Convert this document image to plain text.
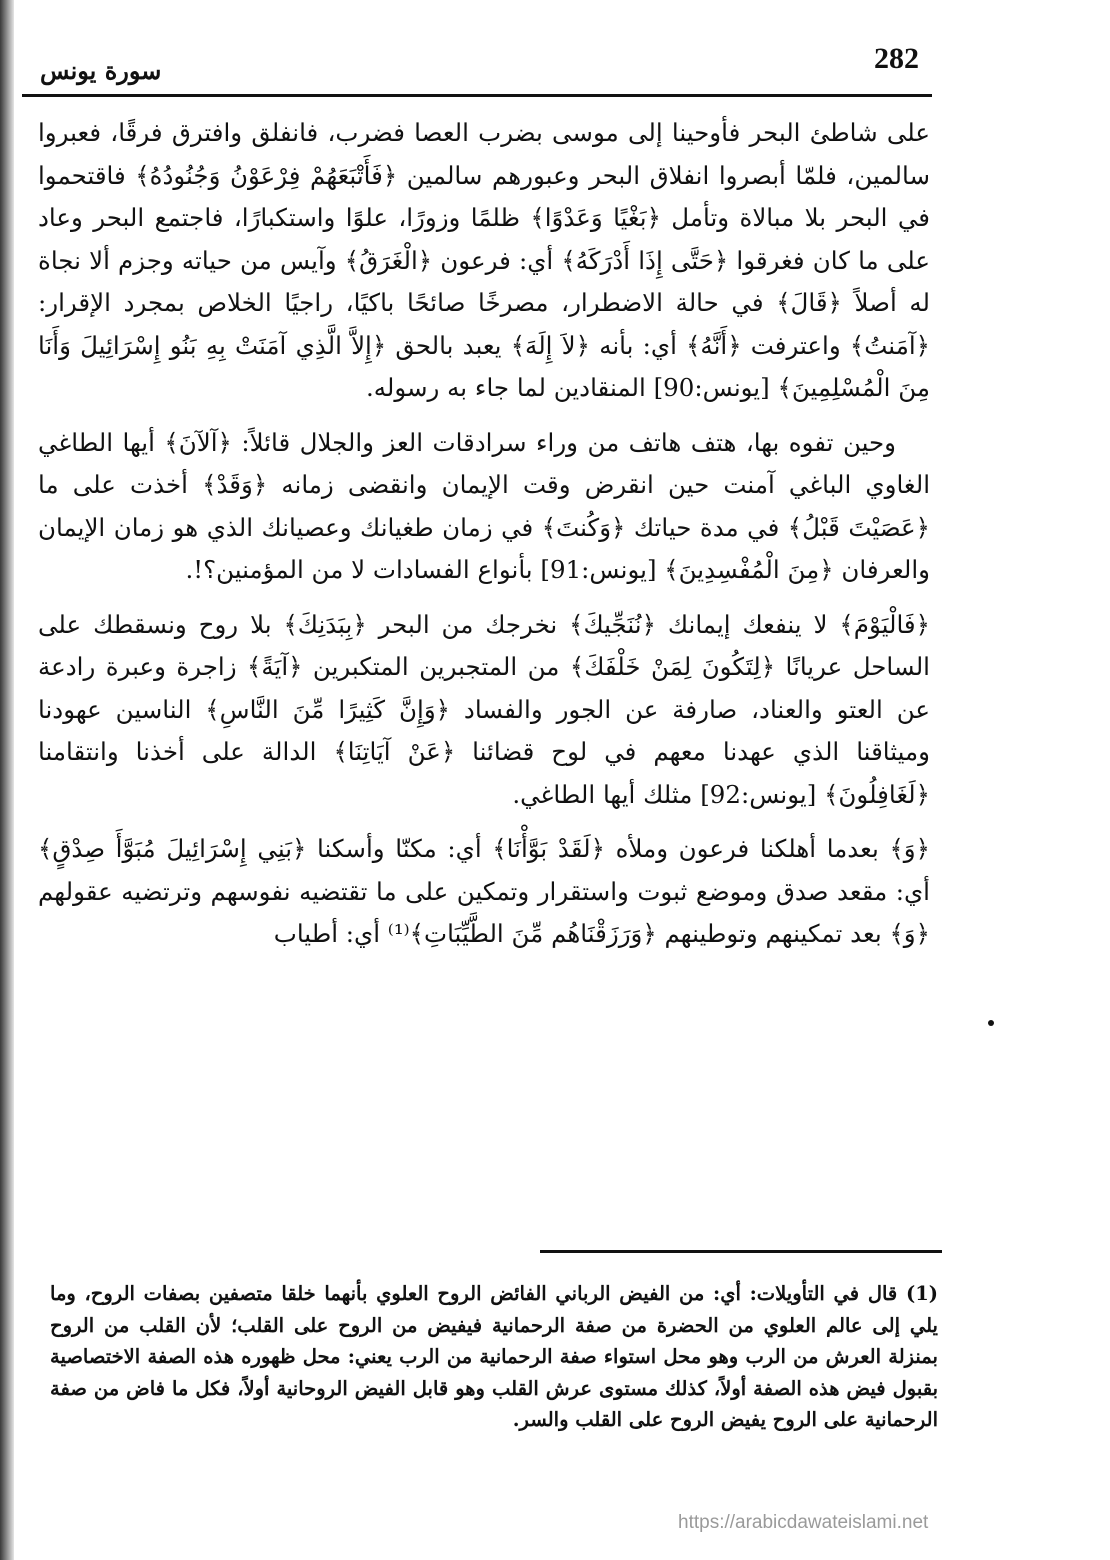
282
سورة يونس

على شاطئ البحر فأوحينا إلى موسى بضرب العصا فضرب، فانفلق وافترق فرقًا، فعبروا سالمين، فلمّا أبصروا انفلاق البحر وعبورهم سالمين ﴿فَأَتْبَعَهُمْ فِرْعَوْنُ وَجُنُودُهُ﴾ فاقتحموا في البحر بلا مبالاة وتأمل ﴿بَغْيًا وَعَدْوًا﴾ ظلمًا وزورًا، علوًا واستكبارًا، فاجتمع البحر وعاد على ما كان فغرقوا ﴿حَتَّى إِذَا أَدْرَكَهُ﴾ أي: فرعون ﴿الْغَرَقُ﴾ وآيس من حياته وجزم ألا نجاة له أصلاً ﴿قَالَ﴾ في حالة الاضطرار، مصرخًا صائحًا باكيًا، راجيًا الخلاص بمجرد الإقرار: ﴿آمَنتُ﴾ واعترفت ﴿أَنَّهُ﴾ أي: بأنه ﴿لاَ إِلَهَ﴾ يعبد بالحق ﴿إِلاَّ الَّذِي آمَنَتْ بِهِ بَنُو إِسْرَائِيلَ وَأَنَا مِنَ الْمُسْلِمِينَ﴾ [يونس:90] المنقادين لما جاء به رسوله.

وحين تفوه بها، هتف هاتف من وراء سرادقات العز والجلال قائلاً: ﴿آلآنَ﴾ أيها الطاغي الغاوي الباغي آمنت حين انقرض وقت الإيمان وانقضى زمانه ﴿وَقَدْ﴾ أخذت على ما ﴿عَصَيْتَ قَبْلُ﴾ في مدة حياتك ﴿وَكُنتَ﴾ في زمان طغيانك وعصيانك الذي هو زمان الإيمان والعرفان ﴿مِنَ الْمُفْسِدِينَ﴾ [يونس:91] بأنواع الفسادات لا من المؤمنين؟!.

﴿فَالْيَوْمَ﴾ لا ينفعك إيمانك ﴿نُنَجِّيكَ﴾ نخرجك من البحر ﴿بِبَدَنِكَ﴾ بلا روح ونسقطك على الساحل عريانًا ﴿لِتَكُونَ لِمَنْ خَلْفَكَ﴾ من المتجبرين المتكبرين ﴿آيَةً﴾ زاجرة وعبرة رادعة عن العتو والعناد، صارفة عن الجور والفساد ﴿وَإِنَّ كَثِيرًا مِّنَ النَّاسِ﴾ الناسين عهودنا وميثاقنا الذي عهدنا معهم في لوح قضائنا ﴿عَنْ آيَاتِنَا﴾ الدالة على أخذنا وانتقامنا ﴿لَغَافِلُونَ﴾ [يونس:92] مثلك أيها الطاغي.

﴿وَ﴾ بعدما أهلكنا فرعون وملأه ﴿لَقَدْ بَوَّأْنَا﴾ أي: مكنّا وأسكنا ﴿بَنِي إِسْرَائِيلَ مُبَوَّأَ صِدْقٍ﴾ أي: مقعد صدق وموضع ثبوت واستقرار وتمكين على ما تقتضيه نفوسهم وترتضيه عقولهم ﴿وَ﴾ بعد تمكينهم وتوطينهم ﴿وَرَزَقْنَاهُم مِّنَ الطَّيِّبَاتِ﴾⁽¹⁾ أي: أطياب

(1) قال في التأويلات: أي: من الفيض الرباني الفائض الروح العلوي بأنهما خلقا متصفين بصفات الروح، وما يلي إلى عالم العلوي من الحضرة من صفة الرحمانية فيفيض من الروح على القلب؛ لأن القلب من الروح بمنزلة العرش من الرب وهو محل استواء صفة الرحمانية من الرب يعني: محل ظهوره هذه الصفة الاختصاصية بقبول فيض هذه الصفة أولاً، كذلك مستوى عرش القلب وهو قابل الفيض الروحانية أولاً، فكل ما فاض من صفة الرحمانية على الروح يفيض الروح على القلب والسر.

https://arabicdawateislami.net
